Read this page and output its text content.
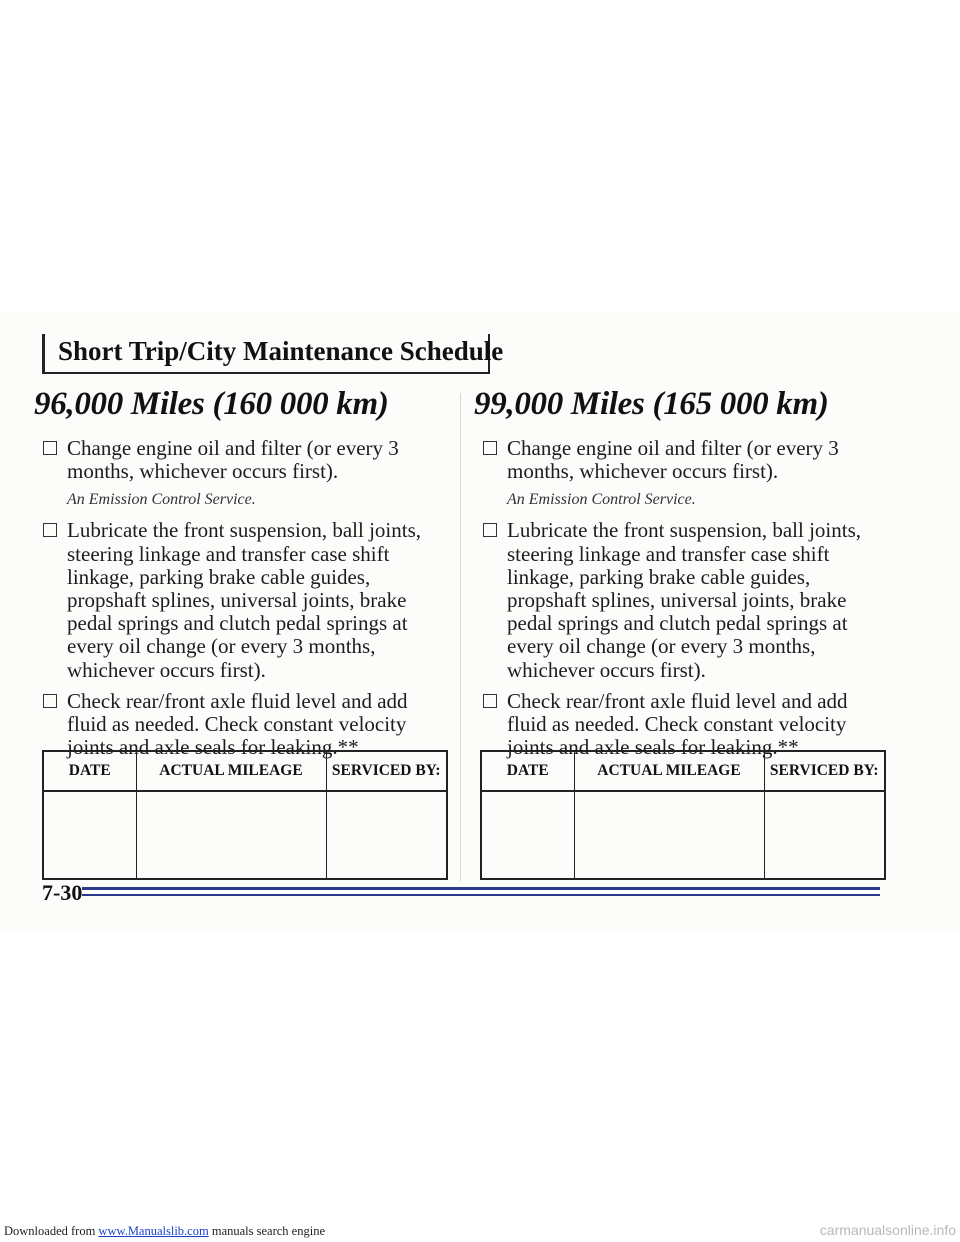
Short Trip/City Maintenance Schedule
96,000 Miles (160 000 km)
Change engine oil and filter (or every 3 months, whichever occurs first).
An Emission Control Service.
Lubricate the front suspension, ball joints, steering linkage and transfer case shift linkage, parking brake cable guides, propshaft splines, universal joints, brake pedal springs and clutch pedal springs at every oil change (or every 3 months, whichever occurs first).
Check rear/front axle fluid level and add fluid as needed. Check constant velocity joints and axle seals for leaking.**
DATE	ACTUAL MILEAGE	SERVICED BY:

99,000 Miles (165 000 km)
Change engine oil and filter (or every 3 months, whichever occurs first).
An Emission Control Service.
Lubricate the front suspension, ball joints, steering linkage and transfer case shift linkage, parking brake cable guides, propshaft splines, universal joints, brake pedal springs and clutch pedal springs at every oil change (or every 3 months, whichever occurs first).
Check rear/front axle fluid level and add fluid as needed. Check constant velocity joints and axle seals for leaking.**
DATE	ACTUAL MILEAGE	SERVICED BY:

7-30
Downloaded from www.Manualslib.com manuals search engine	carmanualsonline.info
